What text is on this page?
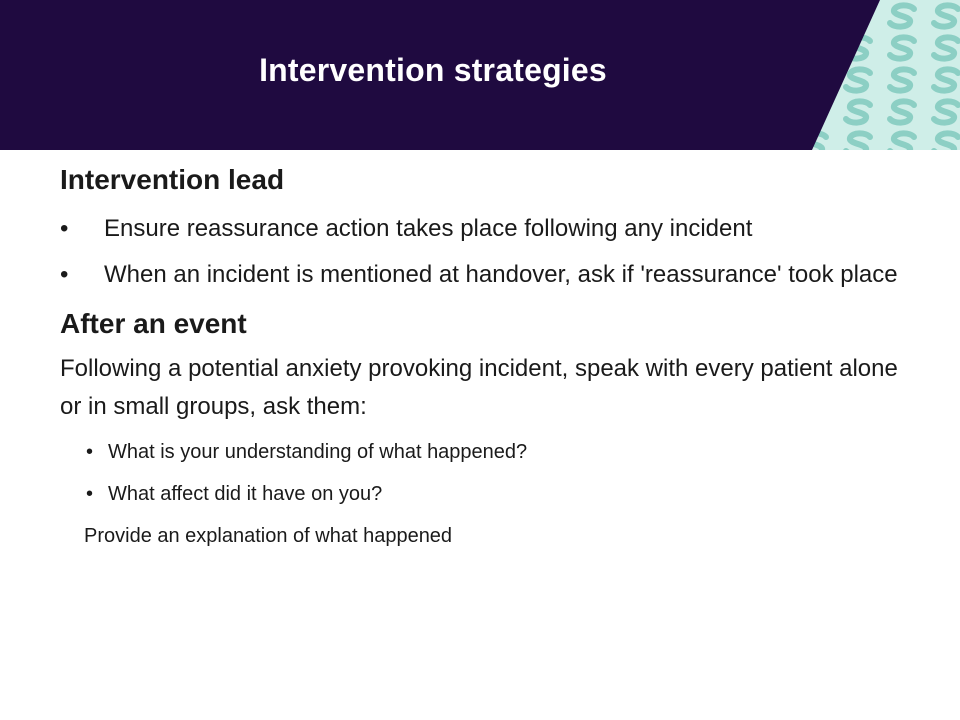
Intervention strategies
Intervention lead
• Ensure reassurance action takes place following any incident
• When an incident is mentioned at handover, ask if 'reassurance' took place
After an event
Following a potential anxiety provoking incident, speak with every patient alone or in small groups, ask them:
• What is your understanding of what happened?
• What affect did it have on you?
Provide an explanation of what happened
